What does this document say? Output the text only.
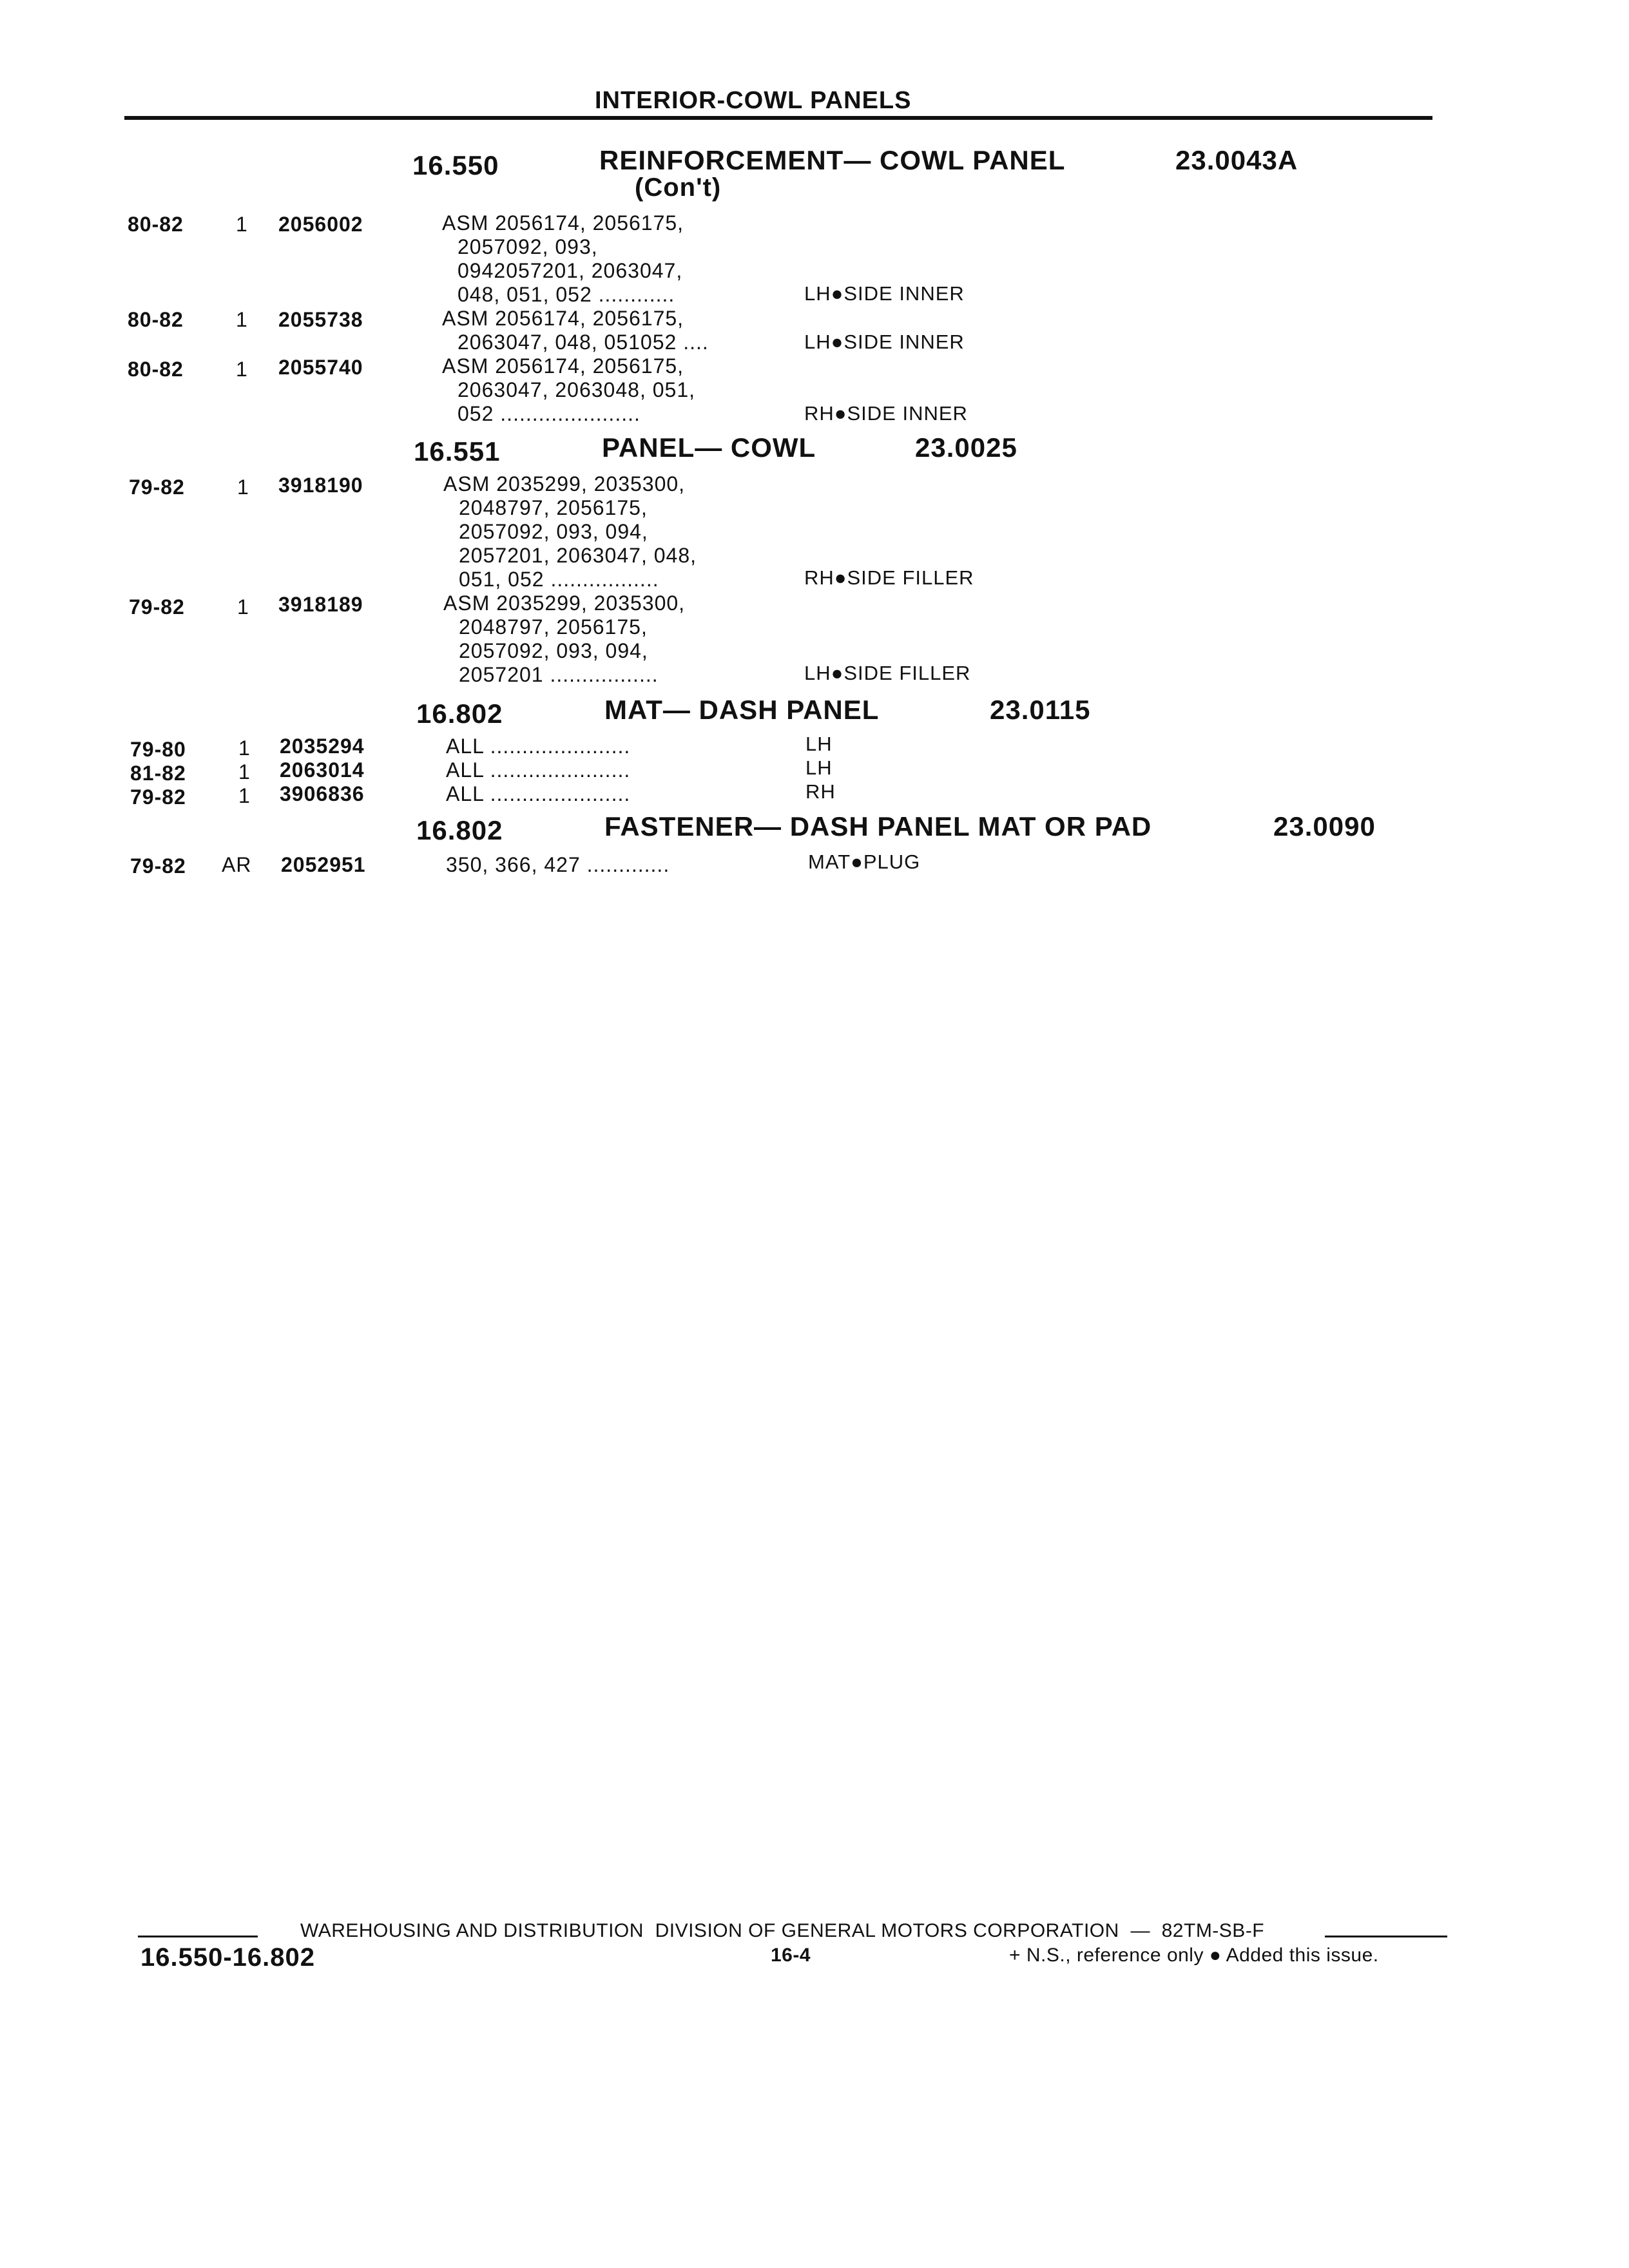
INTERIOR-COWL PANELS
16.550	REINFORCEMENT— COWL PANEL
(Con't)
23.0043A
80-82	1 2056002	ASM 2056174, 2056175,
2057092, 093,
0942057201, 2063047,
048, 051, 052 ............	LH●SIDE INNER
80-82	1 2055738	ASM 2056174, 2056175,
2063047, 048, 051052 ....	LH●SIDE INNER
80-82	1 2055740	ASM 2056174, 2056175,
2063047, 2063048, 051,
052 ......................	RH●SIDE INNER
16.551	PANEL— COWL	23.0025
79-82	1 3918190	ASM 2035299, 2035300,
2048797, 2056175,
2057092, 093, 094,
2057201, 2063047, 048,
051, 052 .................	RH●SIDE FILLER
79-82	1 3918189	ASM 2035299, 2035300,
2048797, 2056175,
2057092, 093, 094,
2057201 .................	LH●SIDE FILLER
16.802	MAT— DASH PANEL	23.0115
79-80	1 2035294	ALL ......................	LH
81-82	1 2063014	ALL ......................	LH
79-82	1 3906836	ALL ......................	RH
16.802	FASTENER— DASH PANEL MAT OR PAD	23.0090
79-82 AR 2052951	350, 366, 427 .............	MAT●PLUG
WAREHOUSING AND DISTRIBUTION  DIVISION OF GENERAL MOTORS CORPORATION  —  82TM-SB-F
16.550-16.802	16-4	+ N.S., reference only ● Added this issue.
